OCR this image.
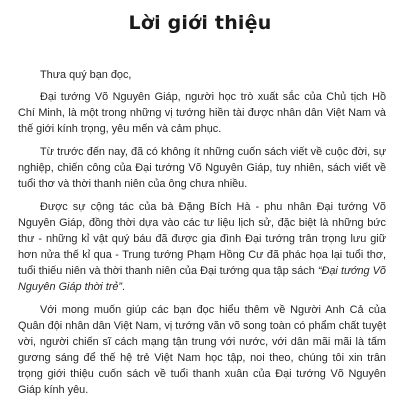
Lời giới thiệu

Thưa quý bạn đọc,

Đại tướng Võ Nguyên Giáp, người học trò xuất sắc của Chủ tịch Hồ Chí Minh, là một trong những vị tướng hiền tài được nhân dân Việt Nam và thế giới kính trọng, yêu mến và cảm phục.

Từ trước đến nay, đã có không ít những cuốn sách viết về cuộc đời, sự nghiệp, chiến công của Đại tướng Võ Nguyên Giáp, tuy nhiên, sách viết về tuổi thơ và thời thanh niên của ông chưa nhiều.

Được sự cộng tác của bà Đặng Bích Hà - phu nhân Đại tướng Võ Nguyên Giáp, đồng thời dựa vào các tư liệu lịch sử, đặc biệt là những bức thư - những kỉ vật quý báu đã được gia đình Đại tướng trân trọng lưu giữ hơn nửa thế kỉ qua - Trung tướng Phạm Hồng Cư đã phác họa lại tuổi thơ, tuổi thiếu niên và thời thanh niên của Đại tướng qua tập sách “Đại tướng Võ Nguyên Giáp thời trẻ”.

Với mong muốn giúp các bạn đọc hiểu thêm về Người Anh Cả của Quân đội nhân dân Việt Nam, vị tướng văn võ song toàn có phẩm chất tuyệt vời, người chiến sĩ cách mạng tận trung với nước, với dân mãi mãi là tấm gương sáng để thế hệ trẻ Việt Nam học tập, noi theo, chúng tôi xin trân trọng giới thiệu cuốn sách về tuổi thanh xuân của Đại tướng Võ Nguyên Giáp kính yêu.
